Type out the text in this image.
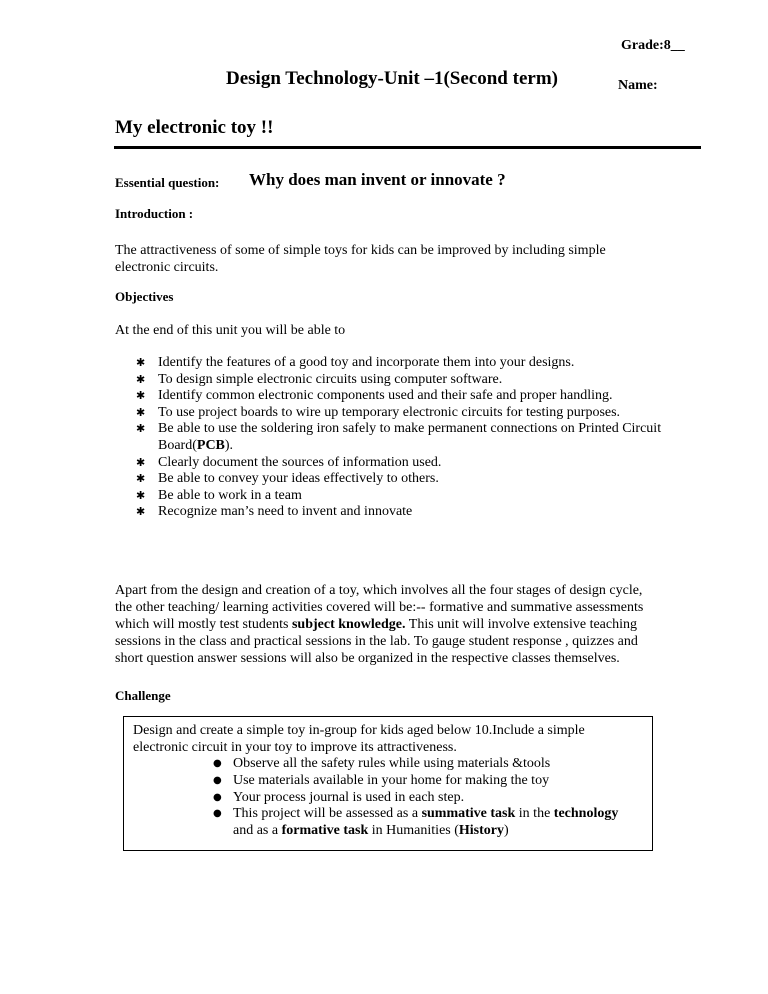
Grade:8__
Design Technology-Unit –1(Second term)	Name:
My electronic toy !!
Essential question: Why does man invent or innovate ?
Introduction :
The attractiveness of some of simple toys for kids can be improved by including simple
electronic circuits.
Objectives
At the end of this unit you will be able to
✱ Identify the features of a good toy and incorporate them into your designs.
✱ To design simple electronic circuits using computer software.
✱ Identify common electronic components used and their safe and proper handling.
✱ To use project boards to wire up temporary electronic circuits for testing purposes.
✱ Be able to use the soldering iron safely to make permanent connections on Printed Circuit Board(PCB).
✱ Clearly document the sources of information used.
✱ Be able to convey your ideas effectively to others.
✱ Be able to work in a team
✱ Recognize man’s need to invent and innovate
Apart from the design and creation of a toy, which involves all the four stages of design cycle,
the other teaching/ learning activities covered will be:-- formative and summative assessments
which will mostly test students subject knowledge. This unit will involve extensive teaching
sessions in the class and practical sessions in the lab. To gauge student response , quizzes and
short question answer sessions will also be organized in the respective classes themselves.
Challenge
Design and create a simple toy in-group for kids aged below 10.Include a simple
electronic circuit in your toy to improve its attractiveness.
● Observe all the safety rules while using materials &tools
● Use materials available in your home for making the toy
● Your process journal is used in each step.
● This project will be assessed as a summative task in the technology
and as a formative task in Humanities (History)
